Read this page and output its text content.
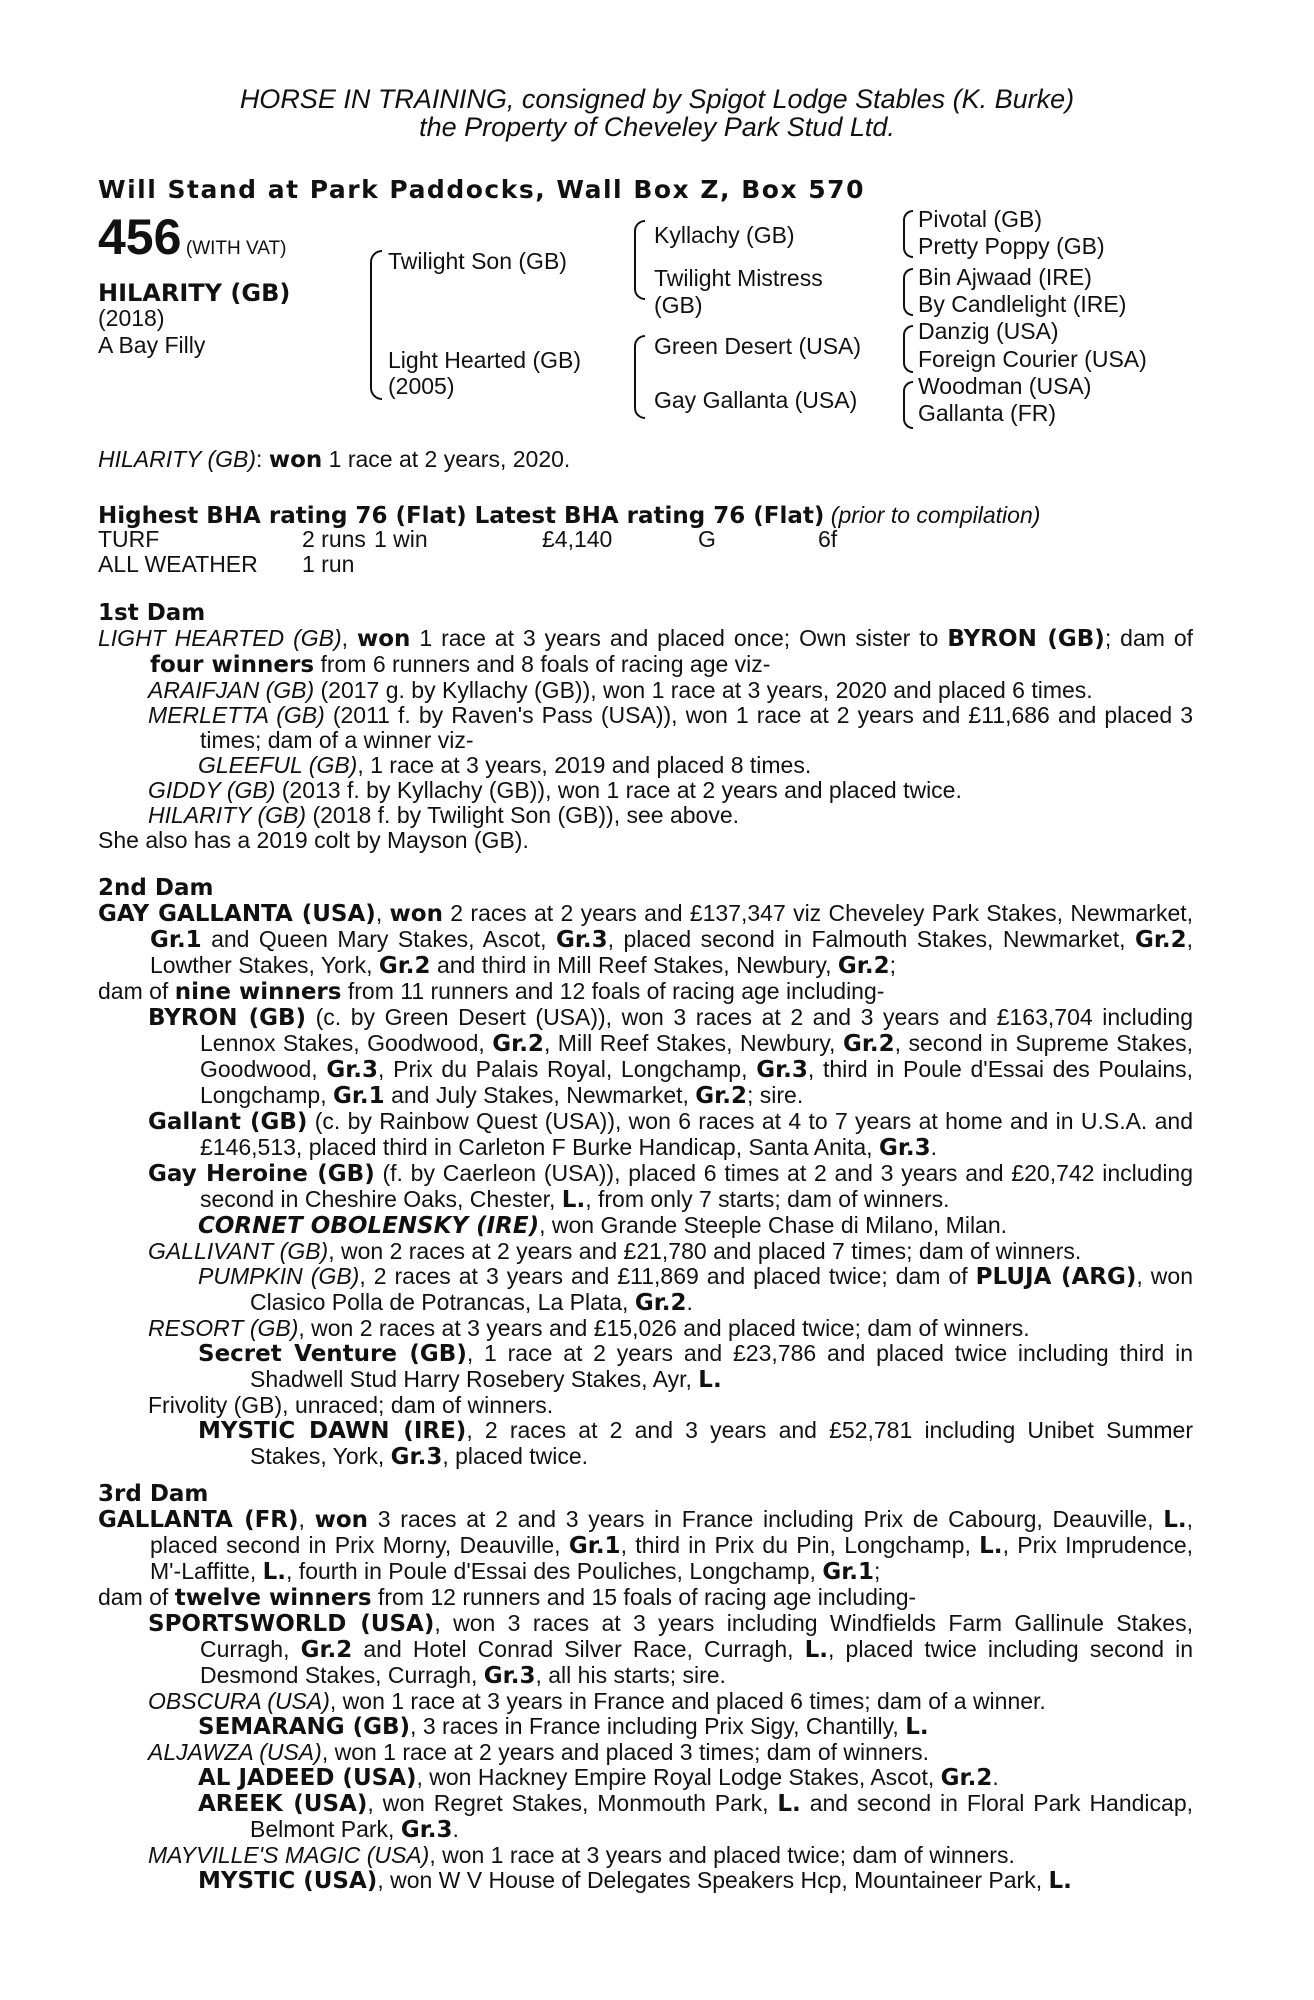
HORSE IN TRAINING, consigned by Spigot Lodge Stables (K. Burke)
the Property of Cheveley Park Stud Ltd.
Will Stand at Park Paddocks, Wall Box Z, Box 570
456 (WITH VAT)
HILARITY (GB)
(2018)
A Bay Filly
Twilight Son (GB)
Light Hearted (GB)
(2005)
Kyllachy (GB)
Twilight Mistress
(GB)
Green Desert (USA)
Gay Gallanta (USA)
Pivotal (GB)
Pretty Poppy (GB)
Bin Ajwaad (IRE)
By Candlelight (IRE)
Danzig (USA)
Foreign Courier (USA)
Woodman (USA)
Gallanta (FR)
HILARITY (GB): won 1 race at 2 years, 2020.
Highest BHA rating 76 (Flat) Latest BHA rating 76 (Flat) (prior to compilation)
TURF	2 runs	1 win	£4,140	G	6f
ALL WEATHER	1 run				

1st Dam

LIGHT HEARTED (GB), won 1 race at 3 years and placed once; Own sister to BYRON (GB); dam of four winners from 6 runners and 8 foals of racing age viz-

ARAIFJAN (GB) (2017 g. by Kyllachy (GB)), won 1 race at 3 years, 2020 and placed 6 times.

MERLETTA (GB) (2011 f. by Raven's Pass (USA)), won 1 race at 2 years and £11,686 and placed 3 times; dam of a winner viz-

GLEEFUL (GB), 1 race at 3 years, 2019 and placed 8 times.

GIDDY (GB) (2013 f. by Kyllachy (GB)), won 1 race at 2 years and placed twice.

HILARITY (GB) (2018 f. by Twilight Son (GB)), see above.

She also has a 2019 colt by Mayson (GB).

2nd Dam

GAY GALLANTA (USA), won 2 races at 2 years and £137,347 viz Cheveley Park Stakes, Newmarket, Gr.1 and Queen Mary Stakes, Ascot, Gr.3, placed second in Falmouth Stakes, Newmarket, Gr.2, Lowther Stakes, York, Gr.2 and third in Mill Reef Stakes, Newbury, Gr.2;

dam of nine winners from 11 runners and 12 foals of racing age including-

BYRON (GB) (c. by Green Desert (USA)), won 3 races at 2 and 3 years and £163,704 including Lennox Stakes, Goodwood, Gr.2, Mill Reef Stakes, Newbury, Gr.2, second in Supreme Stakes, Goodwood, Gr.3, Prix du Palais Royal, Longchamp, Gr.3, third in Poule d'Essai des Poulains, Longchamp, Gr.1 and July Stakes, Newmarket, Gr.2; sire.

Gallant (GB) (c. by Rainbow Quest (USA)), won 6 races at 4 to 7 years at home and in U.S.A. and £146,513, placed third in Carleton F Burke Handicap, Santa Anita, Gr.3.

Gay Heroine (GB) (f. by Caerleon (USA)), placed 6 times at 2 and 3 years and £20,742 including second in Cheshire Oaks, Chester, L., from only 7 starts; dam of winners.

CORNET OBOLENSKY (IRE), won Grande Steeple Chase di Milano, Milan.

GALLIVANT (GB), won 2 races at 2 years and £21,780 and placed 7 times; dam of winners.

PUMPKIN (GB), 2 races at 3 years and £11,869 and placed twice; dam of PLUJA (ARG), won Clasico Polla de Potrancas, La Plata, Gr.2.

RESORT (GB), won 2 races at 3 years and £15,026 and placed twice; dam of winners.

Secret Venture (GB), 1 race at 2 years and £23,786 and placed twice including third in Shadwell Stud Harry Rosebery Stakes, Ayr, L.

Frivolity (GB), unraced; dam of winners.

MYSTIC DAWN (IRE), 2 races at 2 and 3 years and £52,781 including Unibet Summer Stakes, York, Gr.3, placed twice.

3rd Dam

GALLANTA (FR), won 3 races at 2 and 3 years in France including Prix de Cabourg, Deauville, L., placed second in Prix Morny, Deauville, Gr.1, third in Prix du Pin, Longchamp, L., Prix Imprudence, M'-Laffitte, L., fourth in Poule d'Essai des Pouliches, Longchamp, Gr.1;

dam of twelve winners from 12 runners and 15 foals of racing age including-

SPORTSWORLD (USA), won 3 races at 3 years including Windfields Farm Gallinule Stakes, Curragh, Gr.2 and Hotel Conrad Silver Race, Curragh, L., placed twice including second in Desmond Stakes, Curragh, Gr.3, all his starts; sire.

OBSCURA (USA), won 1 race at 3 years in France and placed 6 times; dam of a winner.

SEMARANG (GB), 3 races in France including Prix Sigy, Chantilly, L.

ALJAWZA (USA), won 1 race at 2 years and placed 3 times; dam of winners.

AL JADEED (USA), won Hackney Empire Royal Lodge Stakes, Ascot, Gr.2.

AREEK (USA), won Regret Stakes, Monmouth Park, L. and second in Floral Park Handicap, Belmont Park, Gr.3.

MAYVILLE'S MAGIC (USA), won 1 race at 3 years and placed twice; dam of winners.

MYSTIC (USA), won W V House of Delegates Speakers Hcp, Mountaineer Park, L.
